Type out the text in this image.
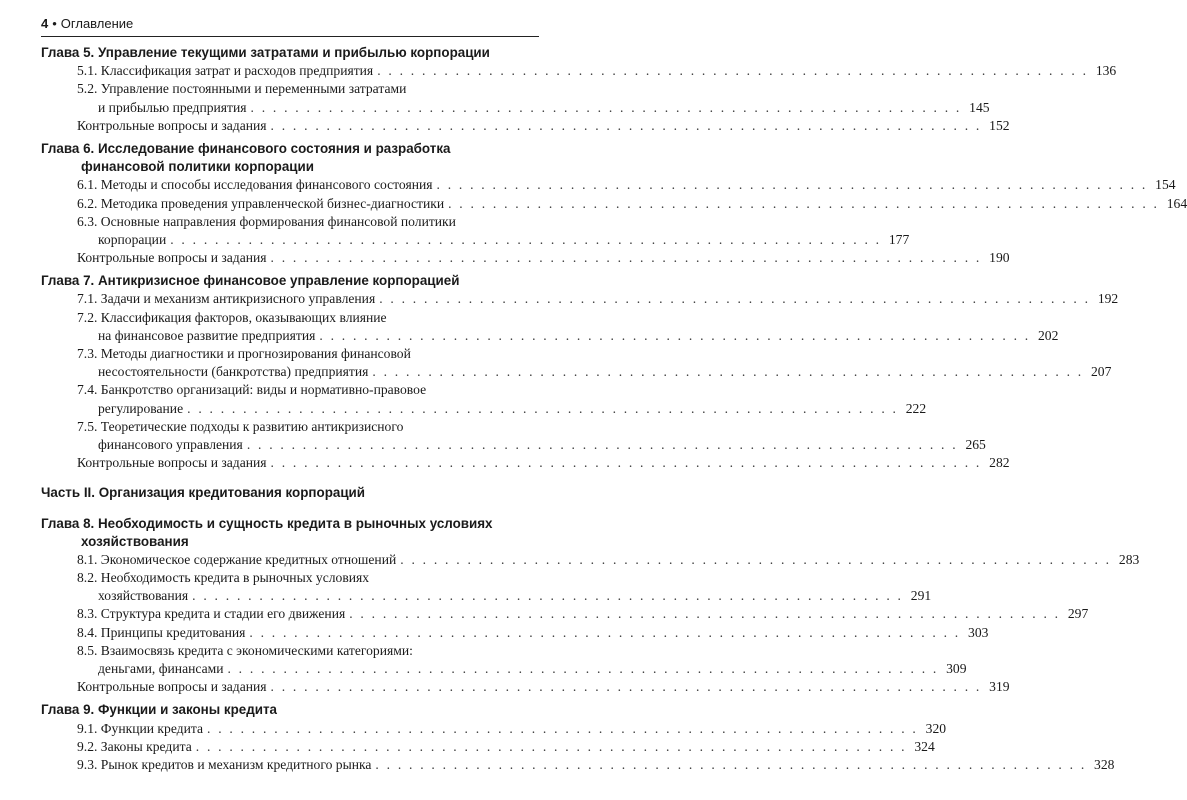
4 • Оглавление
Глава 5. Управление текущими затратами и прибылью корпорации
5.1. Классификация затрат и расходов предприятия . . . . . . . . . . . . . . . . . . . . . . . . . . . . . . . . . . . . . . . . . . . . . . . . . . . . . . . . . . . . . . . . 136
5.2. Управление постоянными и переменными затратами
и прибылью предприятия . . . . . . . . . . . . . . . . . . . . . . . . . . . . . . . . . . . . . . . . . . . . . . . . . . . . . . . . . . . . . . . . 145
Контрольные вопросы и задания . . . . . . . . . . . . . . . . . . . . . . . . . . . . . . . . . . . . . . . . . . . . . . . . . . . . . . . . . . . . . . . . 152
Глава 6. Исследование финансового состояния и разработка
финансовой политики корпорации
6.1. Методы и способы исследования финансового состояния . . . . . . . . . . . . . . . . . . . . . . . . . . . . . . . . . . . . . . . . . . . . . . . . . . . . . . . . . . . . . . . . 154
6.2. Методика проведения управленческой бизнес-диагностики . . . . . . . . . . . . . . . . . . . . . . . . . . . . . . . . . . . . . . . . . . . . . . . . . . . . . . . . . . . . . . . . 164
6.3. Основные направления формирования финансовой политики
корпорации . . . . . . . . . . . . . . . . . . . . . . . . . . . . . . . . . . . . . . . . . . . . . . . . . . . . . . . . . . . . . . . . 177
Контрольные вопросы и задания . . . . . . . . . . . . . . . . . . . . . . . . . . . . . . . . . . . . . . . . . . . . . . . . . . . . . . . . . . . . . . . . 190
Глава 7. Антикризисное финансовое управление корпорацией
7.1. Задачи и механизм антикризисного управления . . . . . . . . . . . . . . . . . . . . . . . . . . . . . . . . . . . . . . . . . . . . . . . . . . . . . . . . . . . . . . . . 192
7.2. Классификация факторов, оказывающих влияние
на финансовое развитие предприятия . . . . . . . . . . . . . . . . . . . . . . . . . . . . . . . . . . . . . . . . . . . . . . . . . . . . . . . . . . . . . . . . 202
7.3. Методы диагностики и прогнозирования финансовой
несостоятельности (банкротства) предприятия . . . . . . . . . . . . . . . . . . . . . . . . . . . . . . . . . . . . . . . . . . . . . . . . . . . . . . . . . . . . . . . . 207
7.4. Банкротство организаций: виды и нормативно-правовое
регулирование . . . . . . . . . . . . . . . . . . . . . . . . . . . . . . . . . . . . . . . . . . . . . . . . . . . . . . . . . . . . . . . . 222
7.5. Теоретические подходы к развитию антикризисного
финансового управления . . . . . . . . . . . . . . . . . . . . . . . . . . . . . . . . . . . . . . . . . . . . . . . . . . . . . . . . . . . . . . . . 265
Контрольные вопросы и задания . . . . . . . . . . . . . . . . . . . . . . . . . . . . . . . . . . . . . . . . . . . . . . . . . . . . . . . . . . . . . . . . 282
Часть II. Организация кредитования корпораций
Глава 8. Необходимость и сущность кредита в рыночных условиях
хозяйствования
8.1. Экономическое содержание кредитных отношений . . . . . . . . . . . . . . . . . . . . . . . . . . . . . . . . . . . . . . . . . . . . . . . . . . . . . . . . . . . . . . . . 283
8.2. Необходимость кредита в рыночных условиях
хозяйствования . . . . . . . . . . . . . . . . . . . . . . . . . . . . . . . . . . . . . . . . . . . . . . . . . . . . . . . . . . . . . . . . 291
8.3. Структура кредита и стадии его движения . . . . . . . . . . . . . . . . . . . . . . . . . . . . . . . . . . . . . . . . . . . . . . . . . . . . . . . . . . . . . . . . 297
8.4. Принципы кредитования . . . . . . . . . . . . . . . . . . . . . . . . . . . . . . . . . . . . . . . . . . . . . . . . . . . . . . . . . . . . . . . . 303
8.5. Взаимосвязь кредита с экономическими категориями:
деньгами, финансами . . . . . . . . . . . . . . . . . . . . . . . . . . . . . . . . . . . . . . . . . . . . . . . . . . . . . . . . . . . . . . . . 309
Контрольные вопросы и задания . . . . . . . . . . . . . . . . . . . . . . . . . . . . . . . . . . . . . . . . . . . . . . . . . . . . . . . . . . . . . . . . 319
Глава 9. Функции и законы кредита
9.1. Функции кредита . . . . . . . . . . . . . . . . . . . . . . . . . . . . . . . . . . . . . . . . . . . . . . . . . . . . . . . . . . . . . . . . 320
9.2. Законы кредита . . . . . . . . . . . . . . . . . . . . . . . . . . . . . . . . . . . . . . . . . . . . . . . . . . . . . . . . . . . . . . . . 324
9.3. Рынок кредитов и механизм кредитного рынка . . . . . . . . . . . . . . . . . . . . . . . . . . . . . . . . . . . . . . . . . . . . . . . . . . . . . . . . . . . . . . . . 328
